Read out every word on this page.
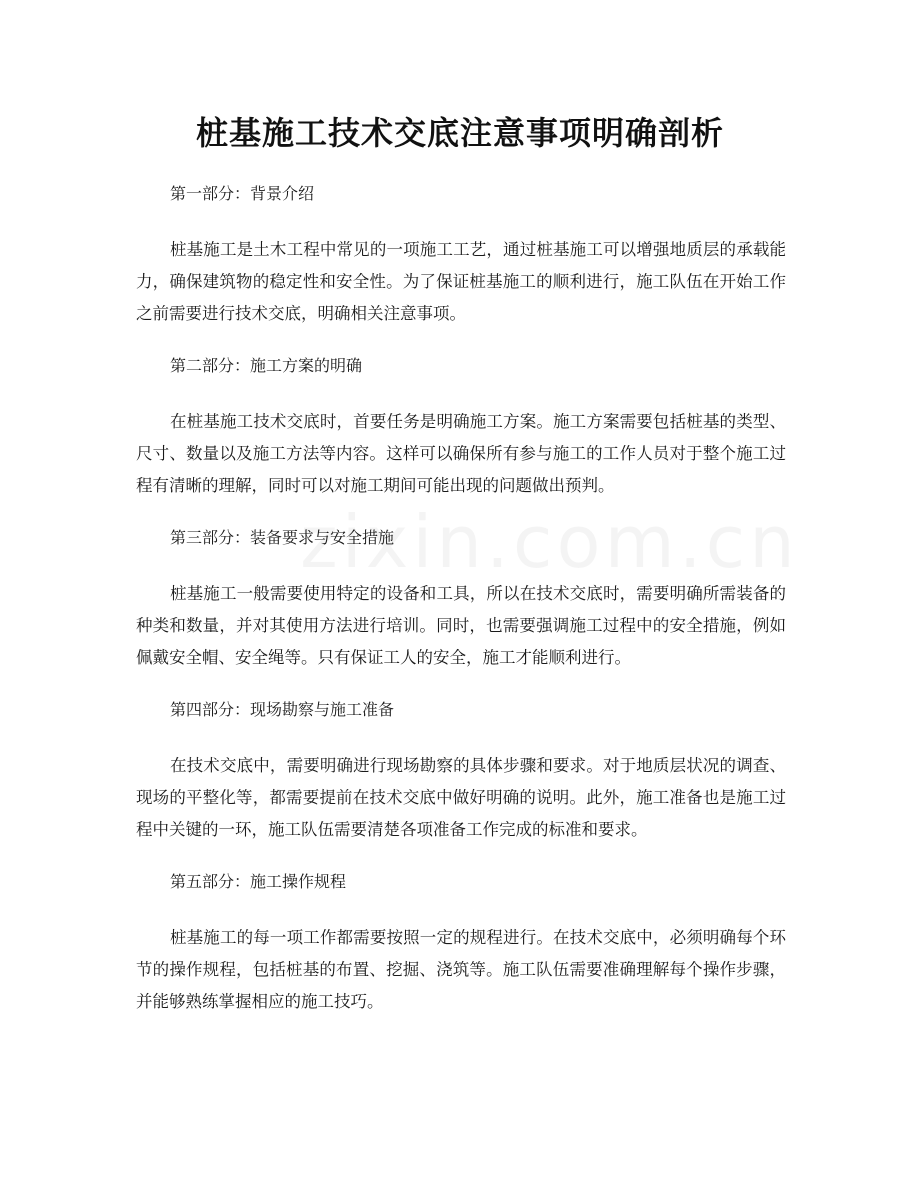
桩基施工技术交底注意事项明确剖析

第一部分：背景介绍

桩基施工是土木工程中常见的一项施工工艺，通过桩基施工可以增强地质层的承载能力，确保建筑物的稳定性和安全性。为了保证桩基施工的顺利进行，施工队伍在开始工作之前需要进行技术交底，明确相关注意事项。

第二部分：施工方案的明确

在桩基施工技术交底时，首要任务是明确施工方案。施工方案需要包括桩基的类型、尺寸、数量以及施工方法等内容。这样可以确保所有参与施工的工作人员对于整个施工过程有清晰的理解，同时可以对施工期间可能出现的问题做出预判。

第三部分：装备要求与安全措施

桩基施工一般需要使用特定的设备和工具，所以在技术交底时，需要明确所需装备的种类和数量，并对其使用方法进行培训。同时，也需要强调施工过程中的安全措施，例如佩戴安全帽、安全绳等。只有保证工人的安全，施工才能顺利进行。

第四部分：现场勘察与施工准备

在技术交底中，需要明确进行现场勘察的具体步骤和要求。对于地质层状况的调查、现场的平整化等，都需要提前在技术交底中做好明确的说明。此外，施工准备也是施工过程中关键的一环，施工队伍需要清楚各项准备工作完成的标准和要求。

第五部分：施工操作规程

桩基施工的每一项工作都需要按照一定的规程进行。在技术交底中，必须明确每个环节的操作规程，包括桩基的布置、挖掘、浇筑等。施工队伍需要准确理解每个操作步骤，并能够熟练掌握相应的施工技巧。
